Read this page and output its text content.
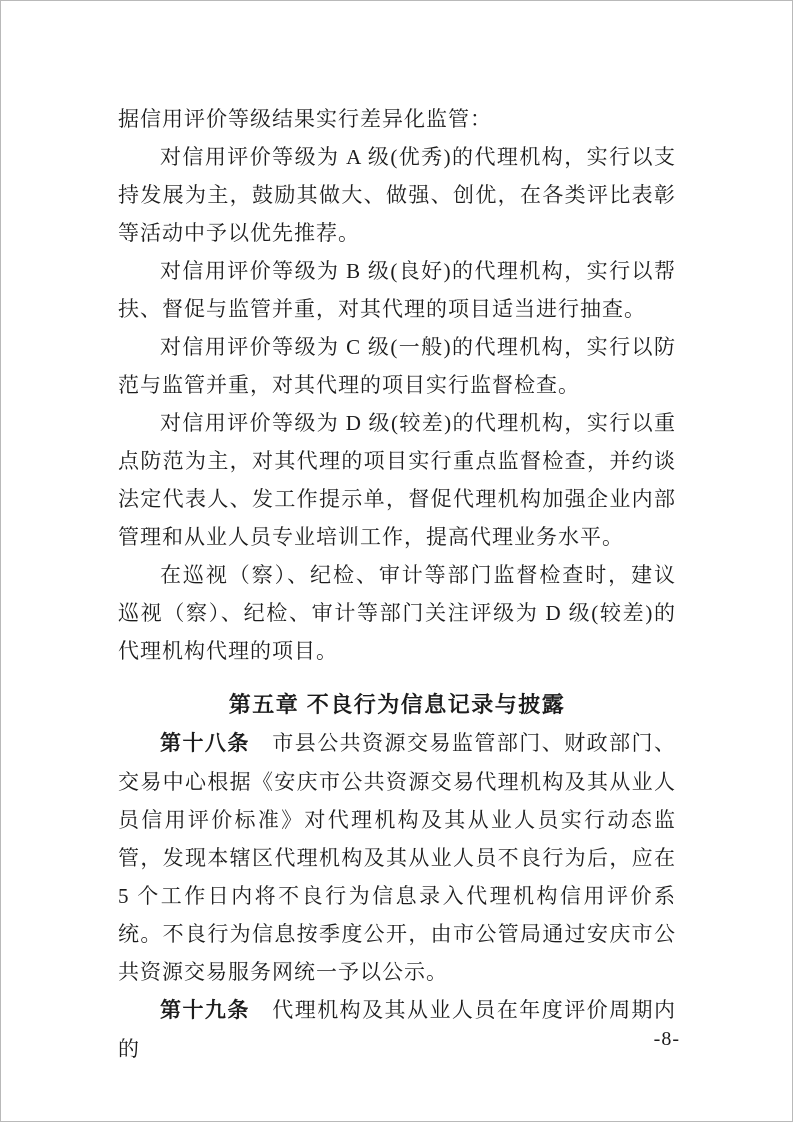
据信用评价等级结果实行差异化监管：

对信用评价等级为 A 级(优秀)的代理机构，实行以支持发展为主，鼓励其做大、做强、创优，在各类评比表彰等活动中予以优先推荐。

对信用评价等级为 B 级(良好)的代理机构，实行以帮扶、督促与监管并重，对其代理的项目适当进行抽查。

对信用评价等级为 C 级(一般)的代理机构，实行以防范与监管并重，对其代理的项目实行监督检查。

对信用评价等级为 D 级(较差)的代理机构，实行以重点防范为主，对其代理的项目实行重点监督检查，并约谈法定代表人、发工作提示单，督促代理机构加强企业内部管理和从业人员专业培训工作，提高代理业务水平。

在巡视（察）、纪检、审计等部门监督检查时，建议巡视（察）、纪检、审计等部门关注评级为 D 级(较差)的代理机构代理的项目。

第五章 不良行为信息记录与披露

第十八条　市县公共资源交易监管部门、财政部门、交易中心根据《安庆市公共资源交易代理机构及其从业人员信用评价标准》对代理机构及其从业人员实行动态监管，发现本辖区代理机构及其从业人员不良行为后，应在 5 个工作日内将不良行为信息录入代理机构信用评价系统。不良行为信息按季度公开，由市公管局通过安庆市公共资源交易服务网统一予以公示。

第十九条　代理机构及其从业人员在年度评价周期内的	-8-
